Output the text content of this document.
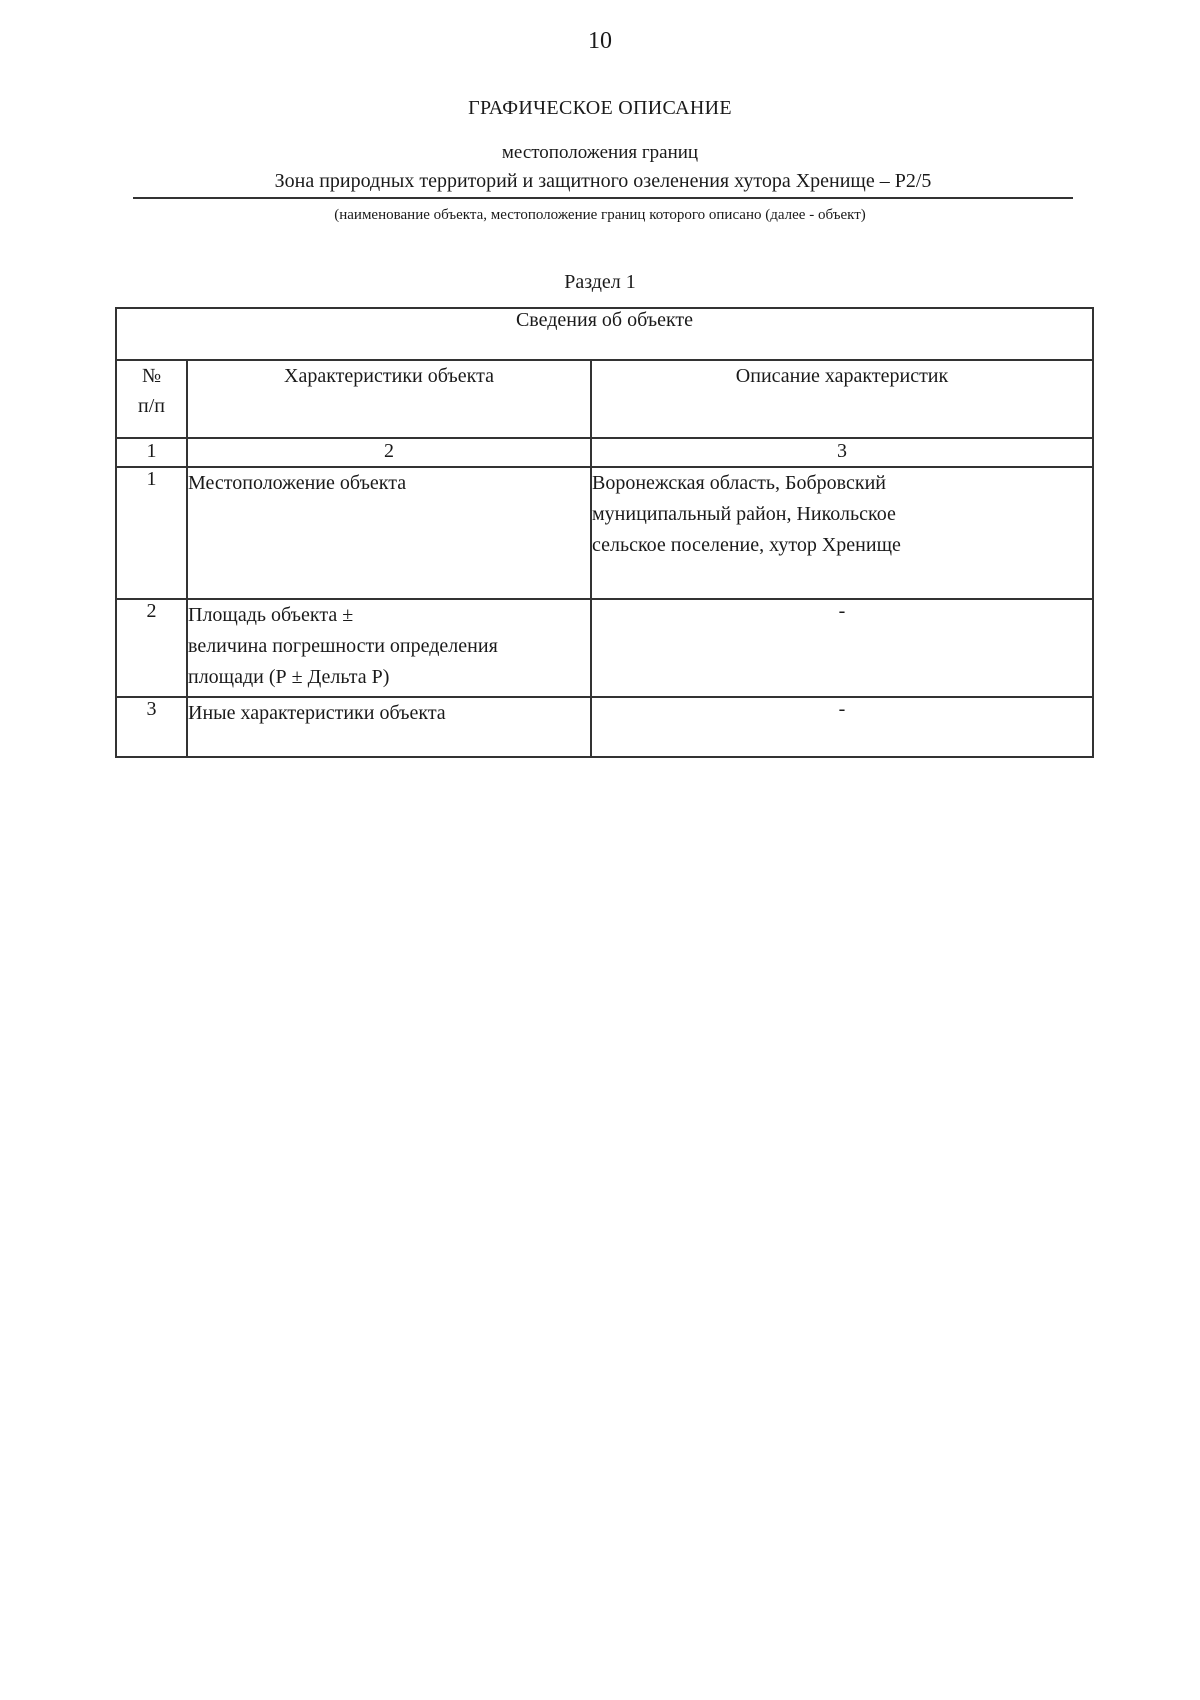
10
ГРАФИЧЕСКОЕ ОПИСАНИЕ
местоположения границ
Зона природных территорий и защитного озеленения хутора Хренище – Р2/5
(наименование объекта, местоположение границ которого описано (далее - объект)
Раздел 1
Сведения об объекте		

№
п/п	Характеристики объекта	Описание характеристик
1	2	3
1	Местоположение объекта	Воронежская область, Бобровский
муниципальный район, Никольское
сельское поселение, хутор Хренище

2	Площадь объекта ±
величина погрешности определения
площади (Р ± Дельта Р)	-
3	Иные характеристики объекта	-
